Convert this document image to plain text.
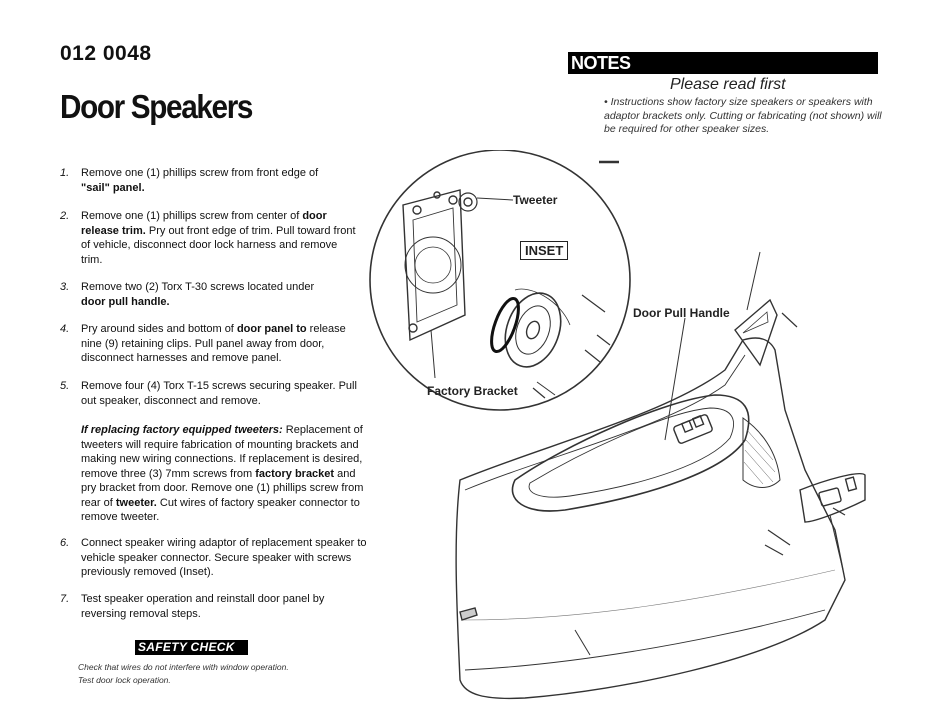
012 0048
Door Speakers
NOTES
Please read first
• Instructions show factory size speakers or speakers with adaptor brackets only. Cutting or fabricating (not shown) will be required for other speaker sizes.
1. Remove one (1) phillips screw from front edge of "sail" panel.
2. Remove one (1) phillips screw from center of door release trim. Pry out front edge of trim. Pull toward front of vehicle, disconnect door lock harness and remove trim.
3. Remove two (2) Torx T-30 screws located under door pull handle.
4. Pry around sides and bottom of door panel to release nine (9) retaining clips. Pull panel away from door, disconnect harnesses and remove panel.
5. Remove four (4) Torx T-15 screws securing speaker. Pull out speaker, disconnect and remove.
6. Connect speaker wiring adaptor of replacement speaker to vehicle speaker connector. Secure speaker with screws previously removed (Inset).
7. Test speaker operation and reinstall door panel by reversing removal steps.
If replacing factory equipped tweeters: Replacement of tweeters will require fabrication of mounting brackets and making new wiring connections. If replacement is desired, remove three (3) 7mm screws from factory bracket and pry bracket from door. Remove one (1) phillips screw from rear of tweeter. Cut wires of factory speaker connector to remove tweeter.
SAFETY CHECK
Check that wires do not interfere with window operation.
Test door lock operation.
Tweeter
INSET
Factory Bracket
Door Pull Handle
